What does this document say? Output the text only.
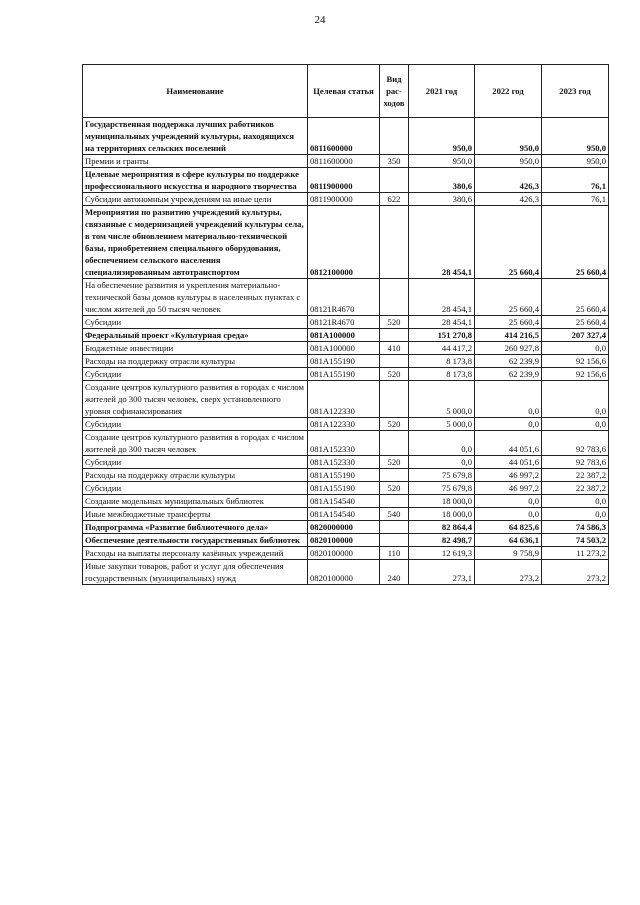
24
Наименование	Целевая статья	Вид рас- ходов	2021 год	2022 год	2023 год
Государственная поддержка лучших работников муниципальных учреждений культуры, находящихся на территориях сельских поселений	0811600000		950,0	950,0	950,0
Премии и гранты	0811600000	350	950,0	950,0	950,0
Целевые мероприятия в сфере культуры по поддержке профессионального искусства и народного творчества	0811900000		380,6	426,3	76,1
Субсидии автономным учреждениям на иные цели	0811900000	622	380,6	426,3	76,1
Мероприятия по развитию учреждений культуры, связанные с модернизацией учреждений культуры села, в том числе обновлением материально-технической базы, приобретением специального оборудования, обеспечением сельского населения специализированным автотранспортом	0812100000		28 454,1	25 660,4	25 660,4
На обеспечение развития и укрепления материально-технической базы домов культуры в населенных пунктах с числом жителей до 50 тысяч человек	08121R4670		28 454,1	25 660,4	25 660,4
Субсидии	08121R4670	520	28 454,1	25 660,4	25 660,4
Федеральный проект «Культурная среда»	081A100000		151 270,8	414 216,5	207 327,4
Бюджетные инвестиции	081A100000	410	44 417,2	260 927,8	0,0
Расходы на поддержку отрасли культуры	081A155190		8 173,8	62 239,9	92 156,6
Субсидии	081A155190	520	8 173,8	62 239,9	92 156,6
Создание центров культурного развития в городах с числом жителей до 300 тысяч человек, сверх установленного уровня софинансирования	081A122330		5 000,0	0,0	0,0
Субсидии	081A122330	520	5 000,0	0,0	0,0
Создание центров культурного развития в городах с числом жителей до 300 тысяч человек	081A152330		0,0	44 051,6	92 783,6
Субсидии	081A152330	520	0,0	44 051,6	92 783,6
Расходы на поддержку отрасли культуры	081A155190		75 679,8	46 997,2	22 387,2
Субсидии	081A155190	520	75 679,8	46 997,2	22 387,2
Создание модельных муниципальных библиотек	081A154540		18 000,0	0,0	0,0
Иные межбюджетные трансферты	081A154540	540	18 000,0	0,0	0,0
Подпрограмма «Развитие библиотечного дела»	0820000000		82 864,4	64 825,6	74 586,3
Обеспечение деятельности государственных библиотек	0820100000		82 498,7	64 636,1	74 503,2
Расходы на выплаты персоналу казённых учреждений	0820100000	110	12 619,3	9 758,9	11 273,2
Иные закупки товаров, работ и услуг для обеспечения государственных (муниципальных) нужд	0820100000	240	273,1	273,2	273,2
